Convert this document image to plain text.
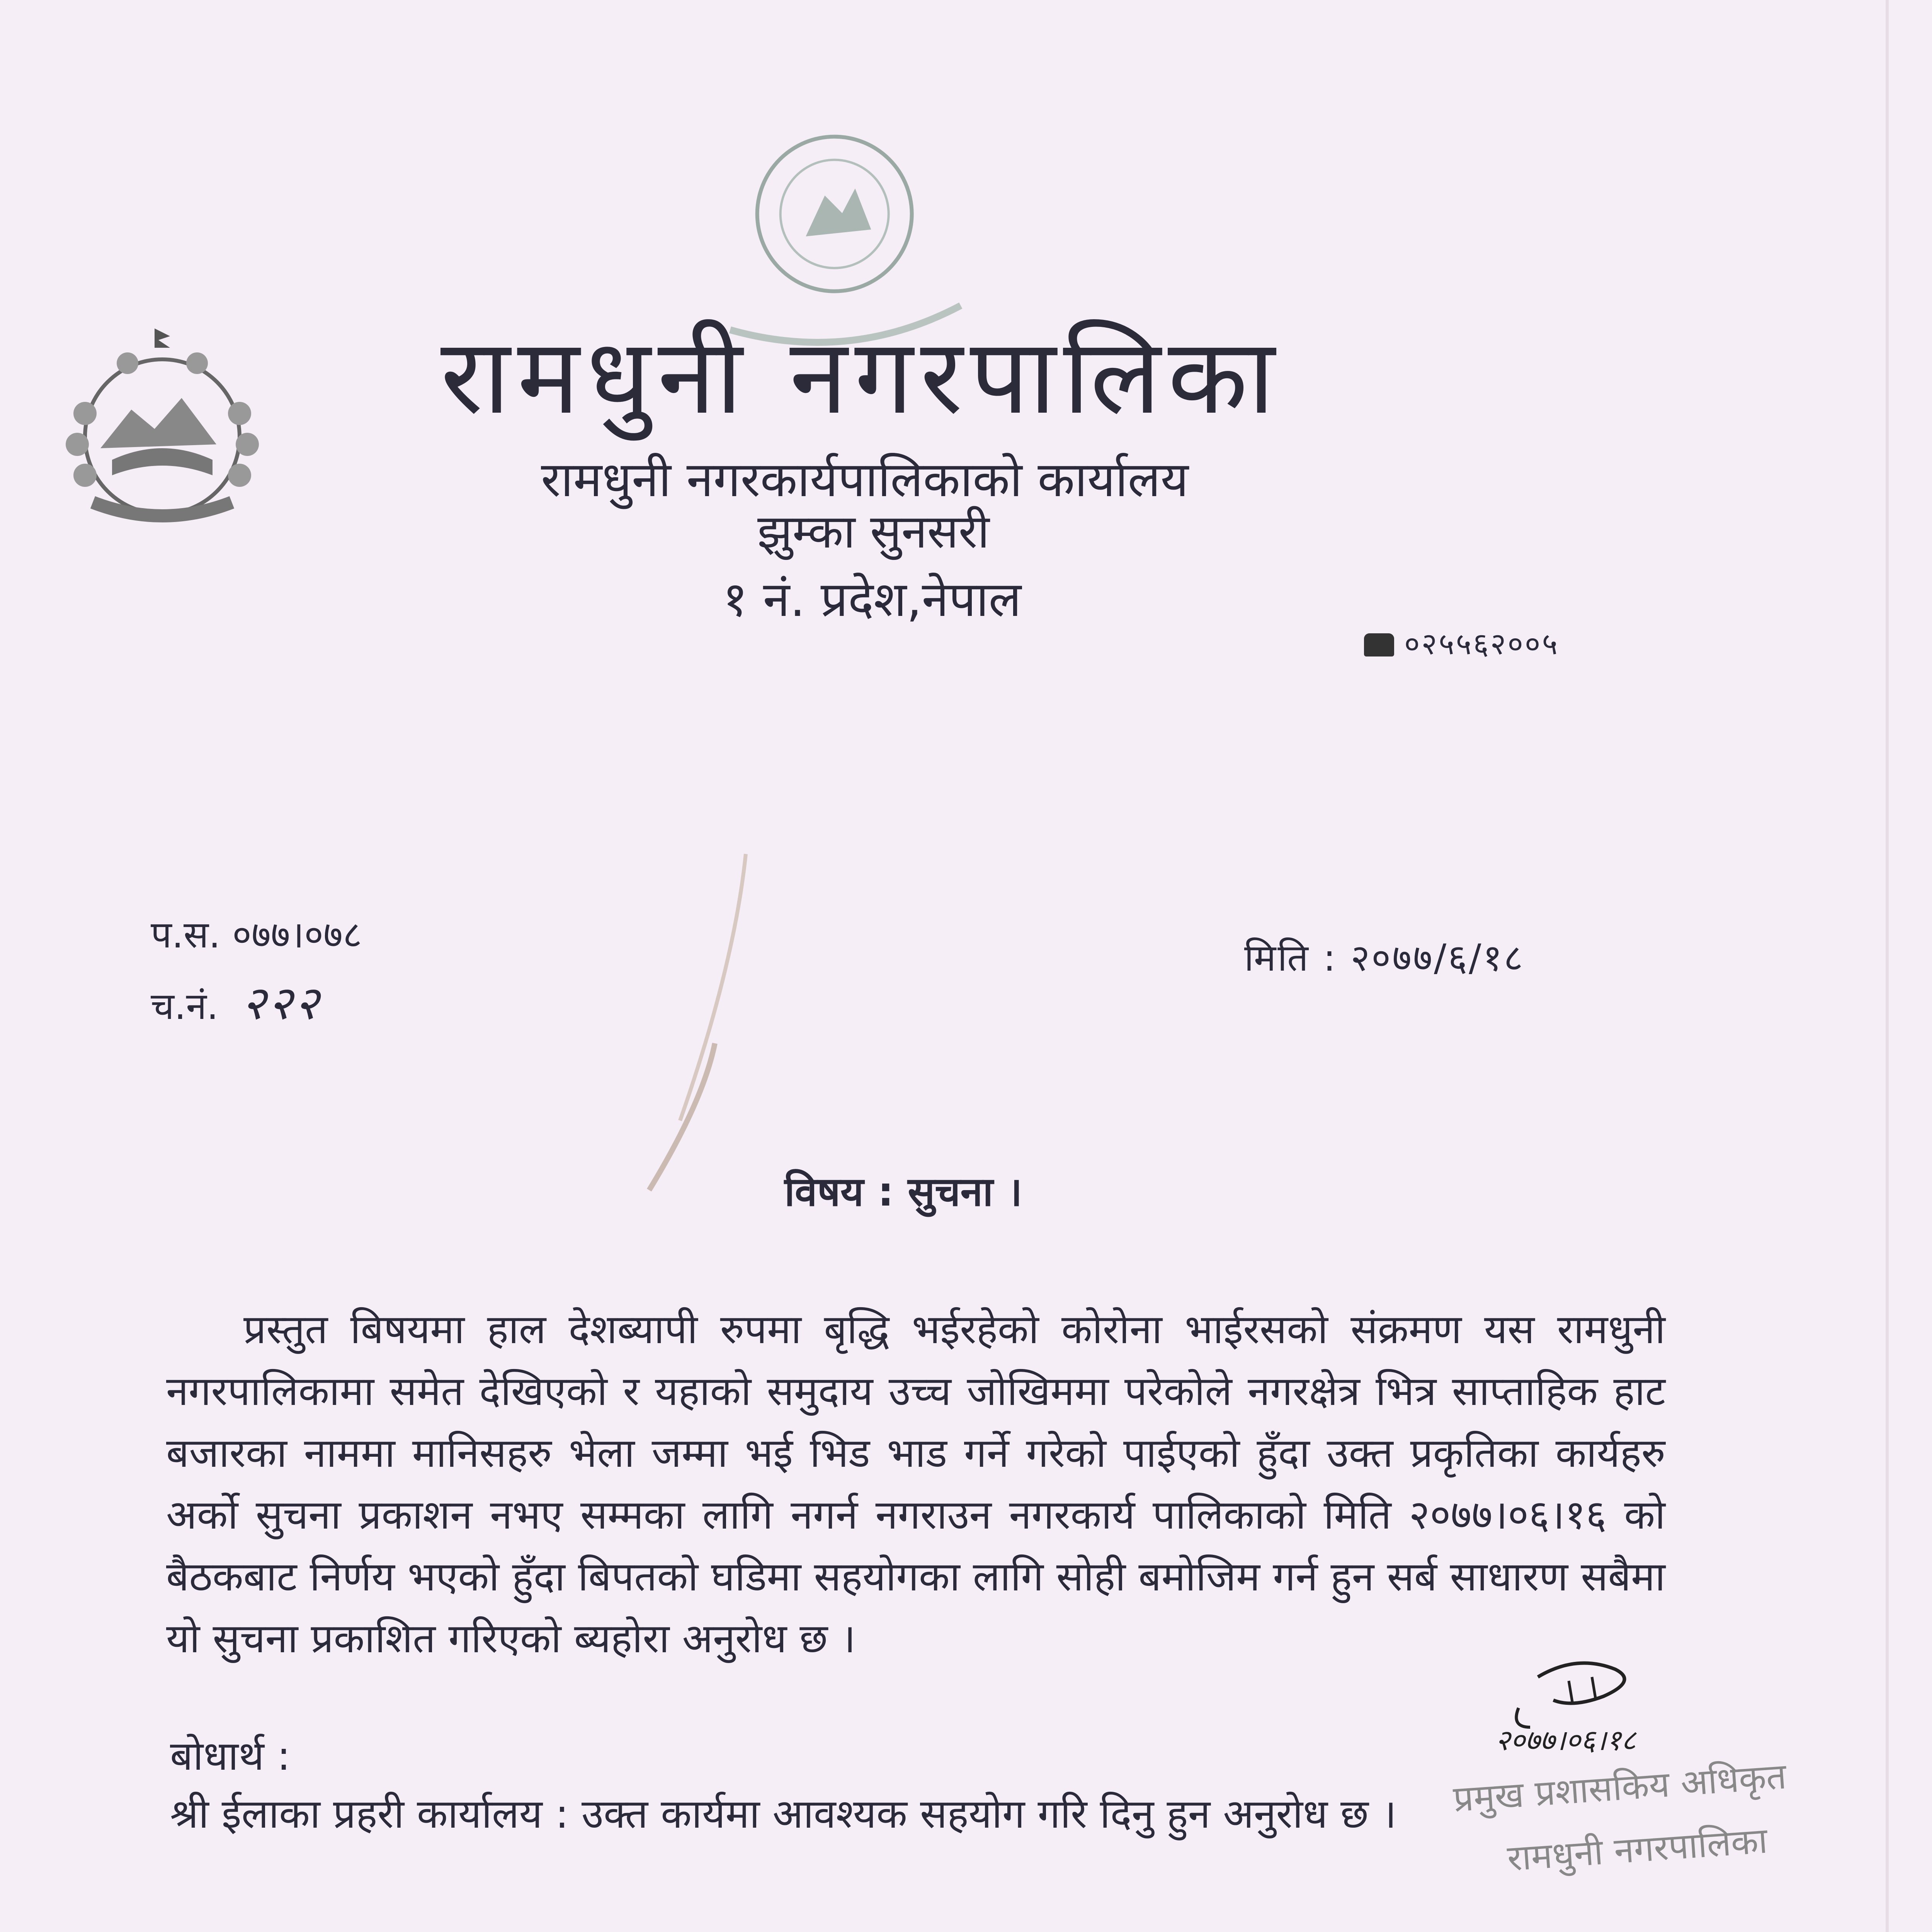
रामधुनी नगरपालिका
रामधुनी नगरकार्यपालिकाको कार्यालय
झुम्का सुनसरी
१ नं. प्रदेश,नेपाल
०२५५६२००५
प.स. ०७७।०७८
च.नं. २२२
मिति : २०७७/६/१८
विषय : सुचना ।
प्रस्तुत बिषयमा हाल देशब्यापी रुपमा बृद्धि भईरहेको कोरोना भाईरसको संक्रमण यस रामधुनी नगरपालिकामा समेत देखिएको र यहाको समुदाय उच्च जोखिममा परेकोले नगरक्षेत्र भित्र साप्ताहिक हाट बजारका नाममा मानिसहरु भेला जम्मा भई भिड भाड गर्ने गरेको पाईएको हुँदा उक्त प्रकृतिका कार्यहरु अर्को सुचना प्रकाशन नभए सम्मका लागि नगर्न नगराउन नगरकार्य पालिकाको मिति २०७७।०६।१६ को बैठकबाट निर्णय भएको हुँदा बिपतको घडिमा सहयोगका लागि सोही बमोजिम गर्न हुन सर्ब साधारण सबैमा यो सुचना प्रकाशित गरिएको ब्यहोरा अनुरोध छ ।
बोधार्थ :
श्री ईलाका प्रहरी कार्यालय : उक्त कार्यमा आवश्यक सहयोग गरि दिनु हुन अनुरोध छ ।
२०७७।०६।१८
प्रमुख प्रशासकिय अधिकृत
रामधुनी नगरपालिका
